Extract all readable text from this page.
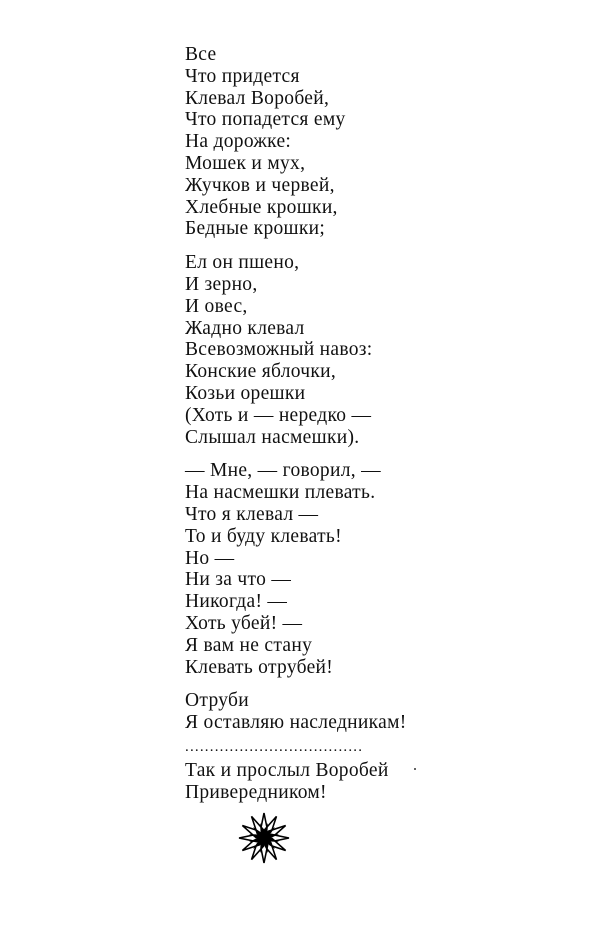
Все
Что придется
Клевал Воробей,
Что попадется ему
На дорожке:
Мошек и мух,
Жучков и червей,
Хлебные крошки,
Бедные крошки;
Ел он пшено,
И зерно,
И овес,
Жадно клевал
Всевозможный навоз:
Конские яблочки,
Козьи орешки
(Хоть и — нередко —
Слышал насмешки).
— Мне, — говорил, —
На насмешки плевать.
Что я клевал —
То и буду клевать!
Но —
Ни за что —
Никогда! —
Хоть убей! —
Я вам не стану
Клевать отрубей!
Отруби
Я оставляю наследникам!
....................................
Так и прослыл Воробей
Привередником!
